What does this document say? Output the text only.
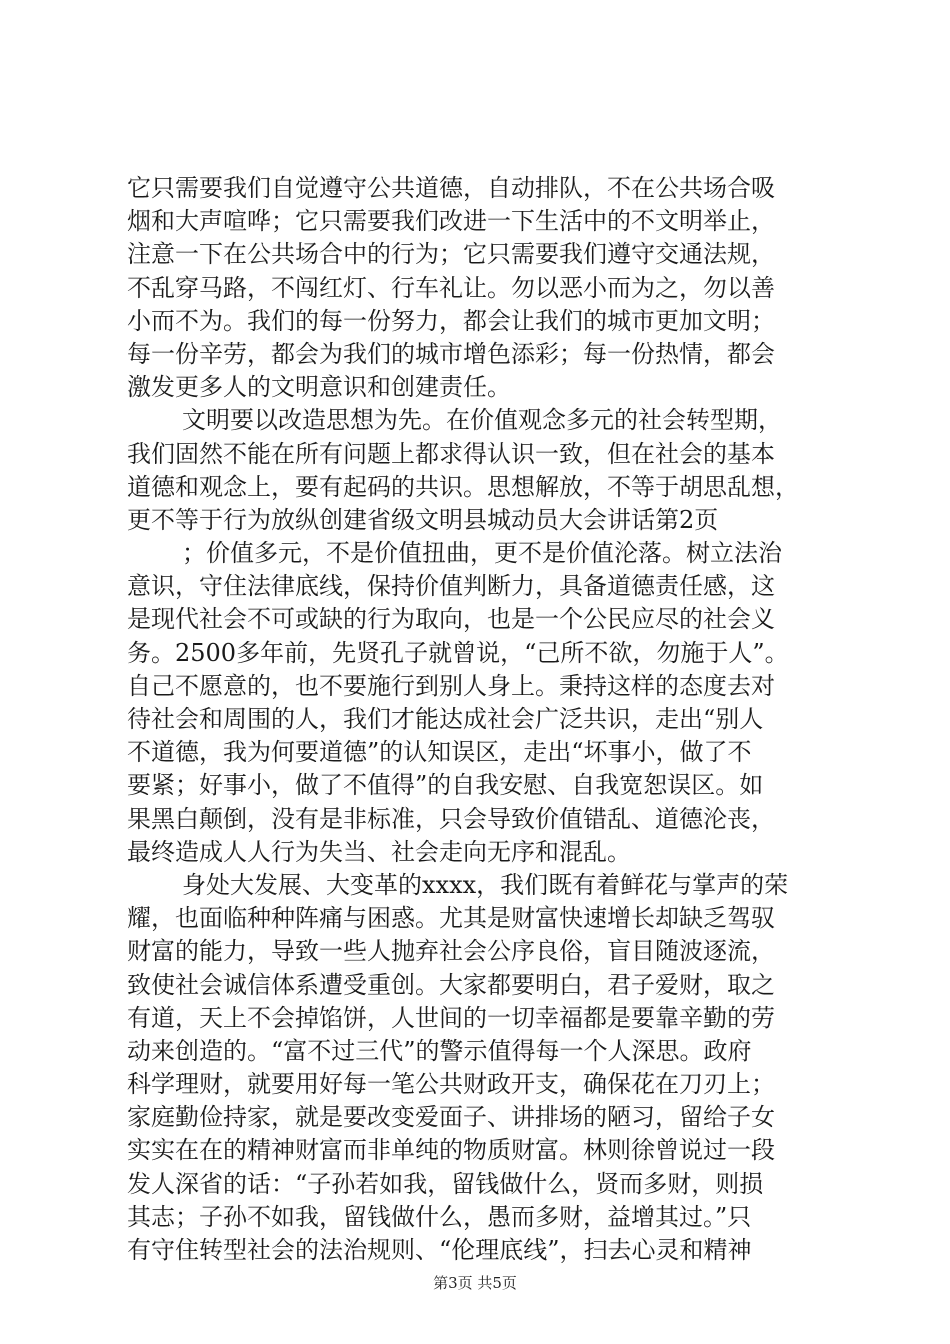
它只需要我们自觉遵守公共道德，自动排队，不在公共场合吸
烟和大声喧哗；它只需要我们改进一下生活中的不文明举止，
注意一下在公共场合中的行为；它只需要我们遵守交通法规，
不乱穿马路，不闯红灯、行车礼让。勿以恶小而为之，勿以善
小而不为。我们的每一份努力，都会让我们的城市更加文明；
每一份辛劳，都会为我们的城市增色添彩；每一份热情，都会
激发更多人的文明意识和创建责任。
文明要以改造思想为先。在价值观念多元的社会转型期，
我们固然不能在所有问题上都求得认识一致，但在社会的基本
道德和观念上，要有起码的共识。思想解放，不等于胡思乱想，
更不等于行为放纵创建省级文明县城动员大会讲话第2页
；价值多元，不是价值扭曲，更不是价值沦落。树立法治
意识，守住法律底线，保持价值判断力，具备道德责任感，这
是现代社会不可或缺的行为取向，也是一个公民应尽的社会义
务。2500多年前，先贤孔子就曾说，“己所不欲，勿施于人”。
自己不愿意的，也不要施行到别人身上。秉持这样的态度去对
待社会和周围的人，我们才能达成社会广泛共识，走出“别人
不道德，我为何要道德”的认知误区，走出“坏事小，做了不
要紧；好事小，做了不值得”的自我安慰、自我宽恕误区。如
果黑白颠倒，没有是非标准，只会导致价值错乱、道德沦丧，
最终造成人人行为失当、社会走向无序和混乱。
身处大发展、大变革的xxxx，我们既有着鲜花与掌声的荣
耀，也面临种种阵痛与困惑。尤其是财富快速增长却缺乏驾驭
财富的能力，导致一些人抛弃社会公序良俗，盲目随波逐流，
致使社会诚信体系遭受重创。大家都要明白，君子爱财，取之
有道，天上不会掉馅饼，人世间的一切幸福都是要靠辛勤的劳
动来创造的。“富不过三代”的警示值得每一个人深思。政府
科学理财，就要用好每一笔公共财政开支，确保花在刀刃上；
家庭勤俭持家，就是要改变爱面子、讲排场的陋习，留给子女
实实在在的精神财富而非单纯的物质财富。林则徐曾说过一段
发人深省的话：“子孙若如我，留钱做什么，贤而多财，则损
其志；子孙不如我，留钱做什么，愚而多财，益增其过。”只
有守住转型社会的法治规则、“伦理底线”，扫去心灵和精神
第3页 共5页
